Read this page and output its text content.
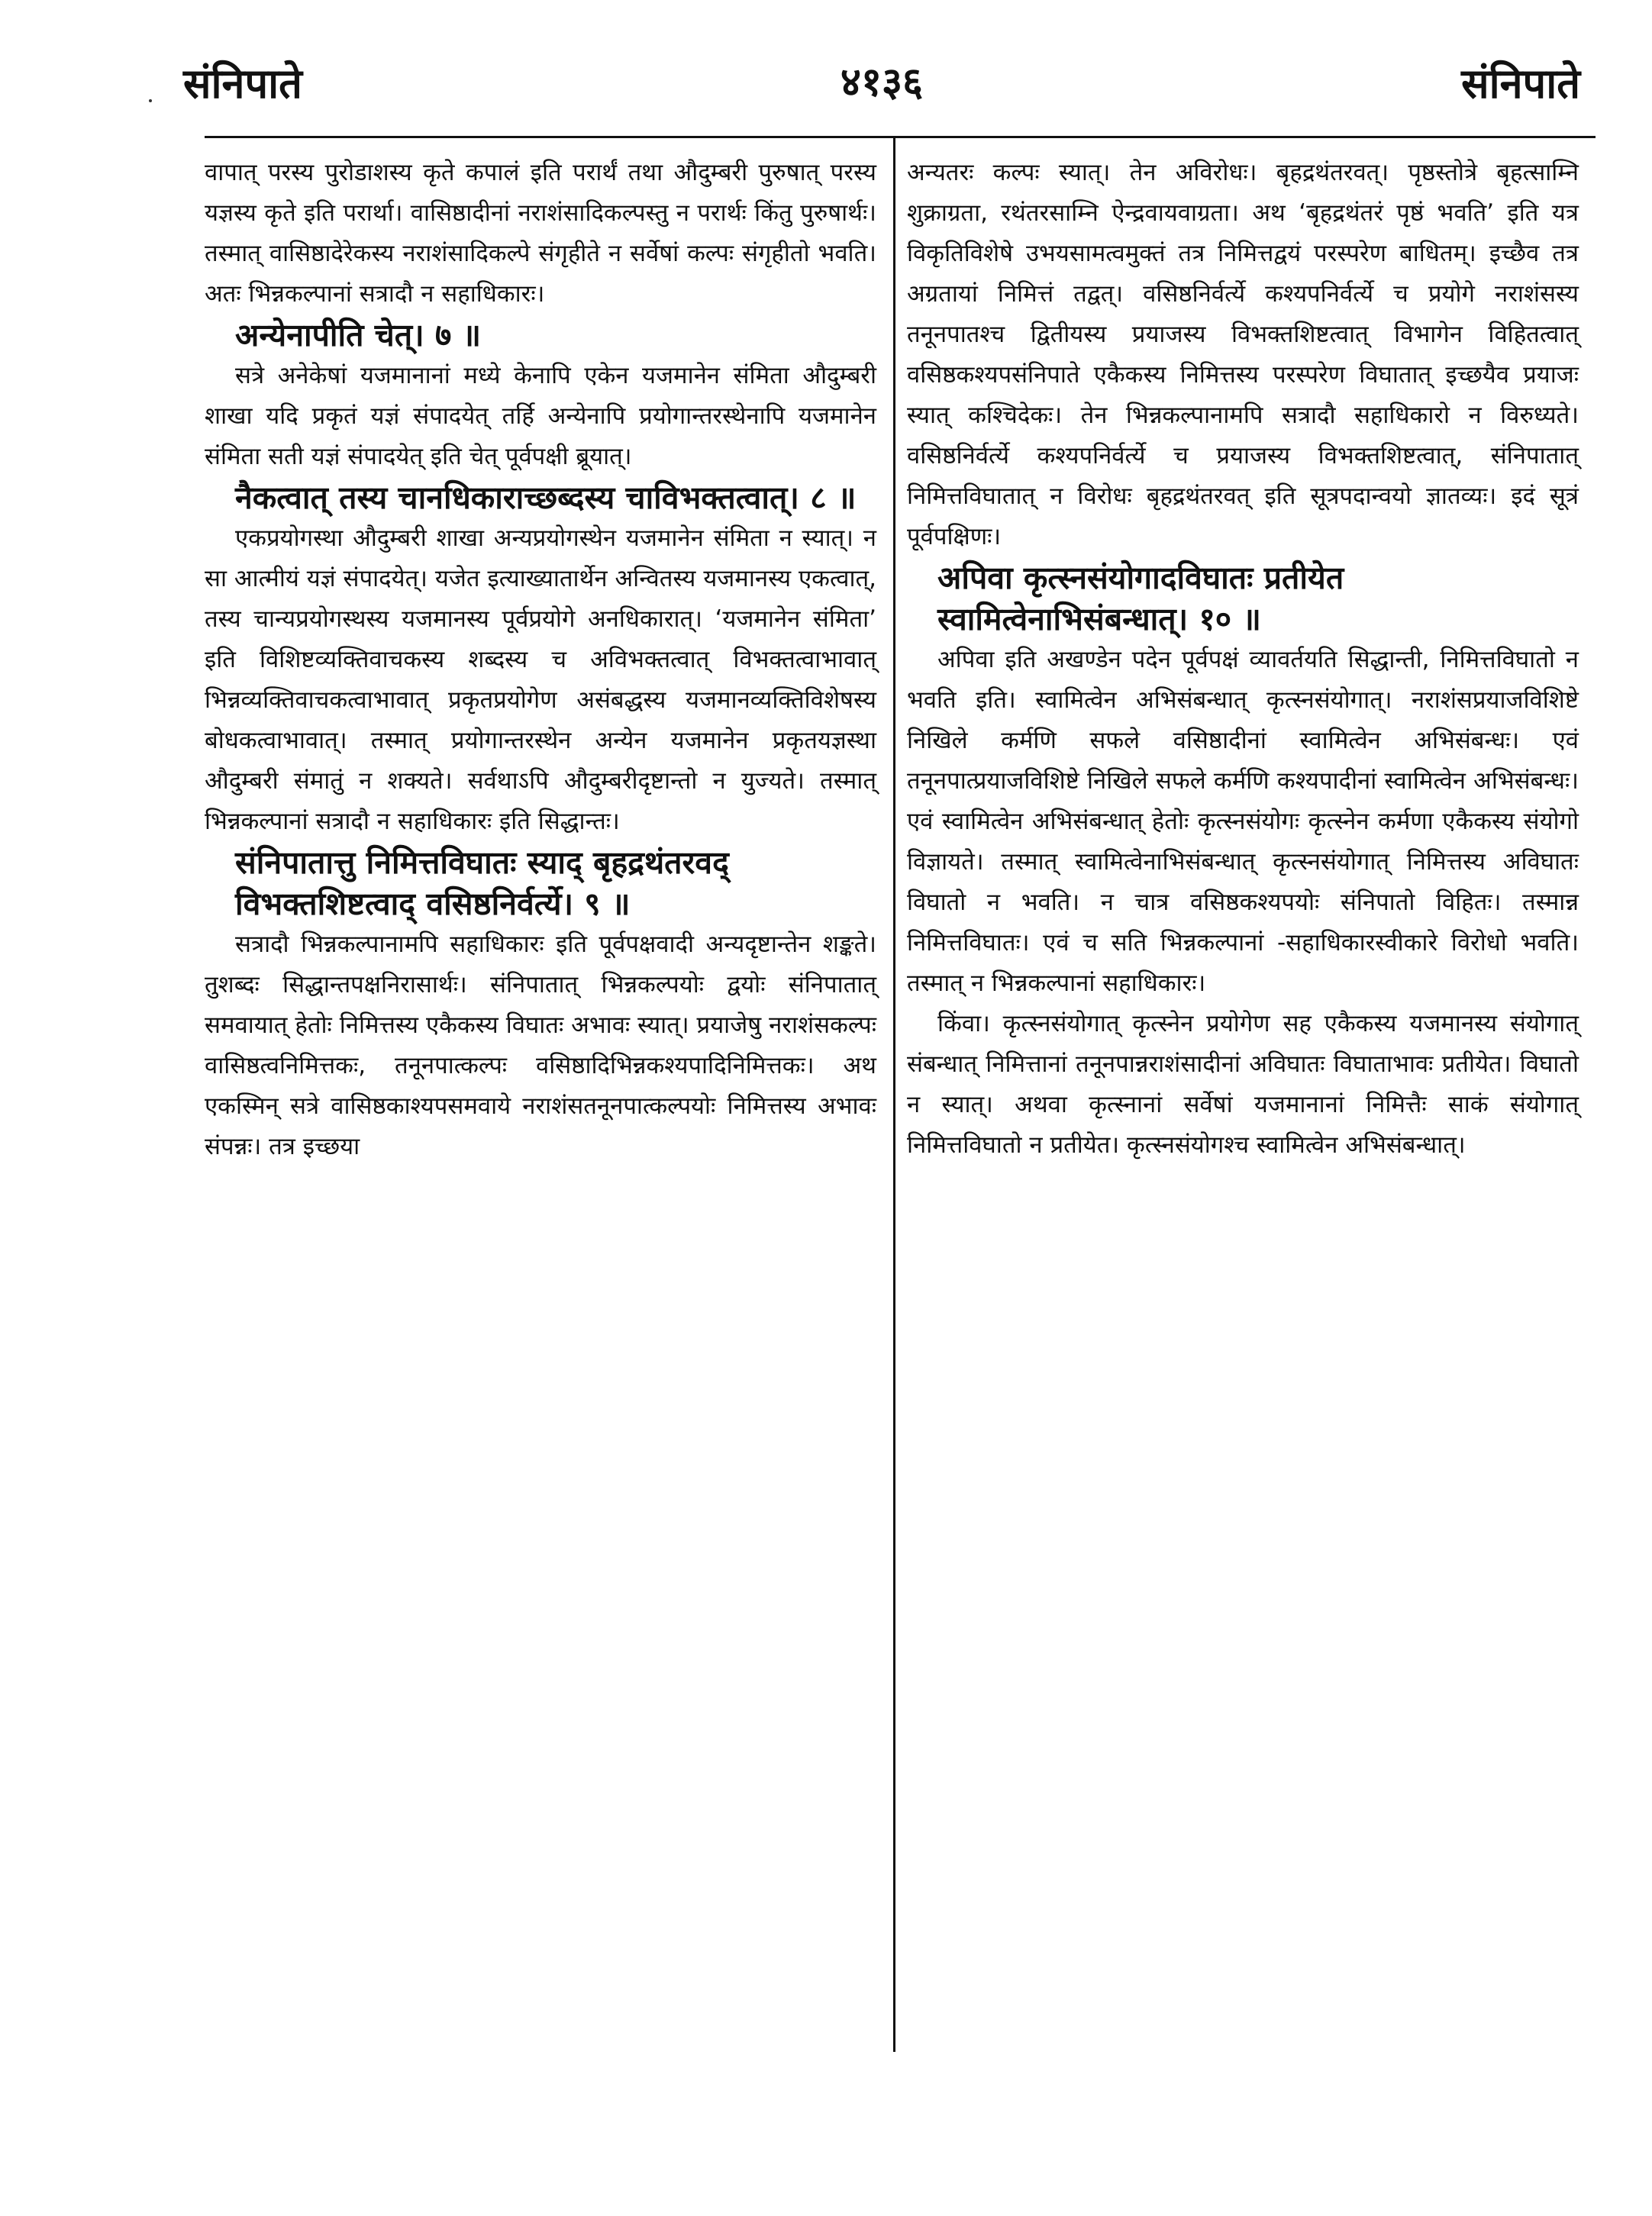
४१३६
संनिपाते	संनिपाते

वापात् परस्य पुरोडाशस्य कृते कपालं इति परार्थं तथा औदुम्बरी पुरुषात् परस्य यज्ञस्य कृते इति परार्था। वासिष्ठादीनां नराशंसादिकल्पस्तु न परार्थः किंतु पुरुषार्थः। तस्मात् वासिष्ठादेरेकस्य नराशंसादिकल्पे संगृहीते न सर्वेषां कल्पः संगृहीतो भवति। अतः भिन्नकल्पानां सत्रादौ न सहाधिकारः।

अन्येनापीति चेत्। ७ ॥

सत्रे अनेकेषां यजमानानां मध्ये केनापि एकेन यजमानेन संमिता औदुम्बरी शाखा यदि प्रकृतं यज्ञं संपादयेत् तर्हि अन्येनापि प्रयोगान्तरस्थेनापि यजमानेन संमिता सती यज्ञं संपादयेत् इति चेत् पूर्वपक्षी ब्रूयात्।

नैकत्वात् तस्य चानधिकाराच्छब्दस्य चाविभक्तत्वात्। ८ ॥

एकप्रयोगस्था औदुम्बरी शाखा अन्यप्रयोगस्थेन यजमानेन संमिता न स्यात्। न सा आत्मीयं यज्ञं संपादयेत्। यजेत इत्याख्यातार्थेन अन्वितस्य यजमानस्य एकत्वात्, तस्य चान्यप्रयोगस्थस्य यजमानस्य पूर्वप्रयोगे अनधिकारात्। ‘यजमानेन संमिता’ इति विशिष्टव्यक्तिवाचकस्य शब्दस्य च अविभक्तत्वात् विभक्तत्वाभावात् भिन्नव्यक्तिवाचकत्वाभावात् प्रकृतप्रयोगेण असंबद्धस्य यजमानव्यक्तिविशेषस्य बोधकत्वाभावात्। तस्मात् प्रयोगान्तरस्थेन अन्येन यजमानेन प्रकृतयज्ञस्था औदुम्बरी संमातुं न शक्यते। सर्वथाऽपि औदुम्बरीदृष्टान्तो न युज्यते। तस्मात् भिन्नकल्पानां सत्रादौ न सहाधिकारः इति सिद्धान्तः।

संनिपातात्तु निमित्तविघातः स्याद् बृहद्रथंतरवद् विभक्तशिष्टत्वाद् वसिष्ठनिर्वर्त्ये। ९ ॥

सत्रादौ भिन्नकल्पानामपि सहाधिकारः इति पूर्वपक्षवादी अन्यदृष्टान्तेन शङ्कते। तुशब्दः सिद्धान्तपक्षनिरासार्थः। संनिपातात् भिन्नकल्पयोः द्वयोः संनिपातात् समवायात् हेतोः निमित्तस्य एकैकस्य विघातः अभावः स्यात्। प्रयाजेषु नराशंसकल्पः वासिष्ठत्वनिमित्तकः, तनूनपात्कल्पः वसिष्ठादिभिन्नकश्यपादिनिमित्तकः। अथ एकस्मिन् सत्रे वासिष्ठकाश्यपसमवाये नराशंसतनूनपात्कल्पयोः निमित्तस्य अभावः संपन्नः। तत्र इच्छया

अन्यतरः कल्पः स्यात्। तेन अविरोधः। बृहद्रथंतरवत्। पृष्ठस्तोत्रे बृहत्साम्नि शुक्राग्रता, रथंतरसाम्नि ऐन्द्रवायवाग्रता। अथ ‘बृहद्रथंतरं पृष्ठं भवति’ इति यत्र विकृतिविशेषे उभयसामत्वमुक्तं तत्र निमित्तद्वयं परस्परेण बाधितम्। इच्छैव तत्र अग्रतायां निमित्तं तद्वत्। वसिष्ठनिर्वर्त्ये कश्यपनिर्वर्त्ये च प्रयोगे नराशंसस्य तनूनपातश्च द्वितीयस्य प्रयाजस्य विभक्तशिष्टत्वात् विभागेन विहितत्वात् वसिष्ठकश्यपसंनिपाते एकैकस्य निमित्तस्य परस्परेण विघातात् इच्छयैव प्रयाजः स्यात् कश्चिदेकः। तेन भिन्नकल्पानामपि सत्रादौ सहाधिकारो न विरुध्यते। वसिष्ठनिर्वर्त्ये कश्यपनिर्वर्त्ये च प्रयाजस्य विभक्तशिष्टत्वात्, संनिपातात् निमित्तविघातात् न विरोधः बृहद्रथंतरवत् इति सूत्रपदान्वयो ज्ञातव्यः। इदं सूत्रं पूर्वपक्षिणः।

अपिवा कृत्स्नसंयोगादविघातः प्रतीयेत स्वामित्वेनाभिसंबन्धात्। १० ॥

अपिवा इति अखण्डेन पदेन पूर्वपक्षं व्यावर्तयति सिद्धान्ती, निमित्तविघातो न भवति इति। स्वामित्वेन अभिसंबन्धात् कृत्स्नसंयोगात्। नराशंसप्रयाजविशिष्टे निखिले कर्मणि सफले वसिष्ठादीनां स्वामित्वेन अभिसंबन्धः। एवं तनूनपात्प्रयाजविशिष्टे निखिले सफले कर्मणि कश्यपादीनां स्वामित्वेन अभिसंबन्धः। एवं स्वामित्वेन अभिसंबन्धात् हेतोः कृत्स्नसंयोगः कृत्स्नेन कर्मणा एकैकस्य संयोगो विज्ञायते। तस्मात् स्वामित्वेनाभिसंबन्धात् कृत्स्नसंयोगात् निमित्तस्य अविघातः विघातो न भवति। न चात्र वसिष्ठकश्यपयोः संनिपातो विहितः। तस्मान्न निमित्तविघातः। एवं च सति भिन्नकल्पानां -सहाधिकारस्वीकारे विरोधो भवति। तस्मात् न भिन्नकल्पानां सहाधिकारः।

किंवा। कृत्स्नसंयोगात् कृत्स्नेन प्रयोगेण सह एकैकस्य यजमानस्य संयोगात् संबन्धात् निमित्तानां तनूनपान्नराशंसादीनां अविघातः विघाताभावः प्रतीयेत। विघातो न स्यात्। अथवा कृत्स्नानां सर्वेषां यजमानानां निमित्तैः साकं संयोगात् निमित्तविघातो न प्रतीयेत। कृत्स्नसंयोगश्च स्वामित्वेन अभिसंबन्धात्।
